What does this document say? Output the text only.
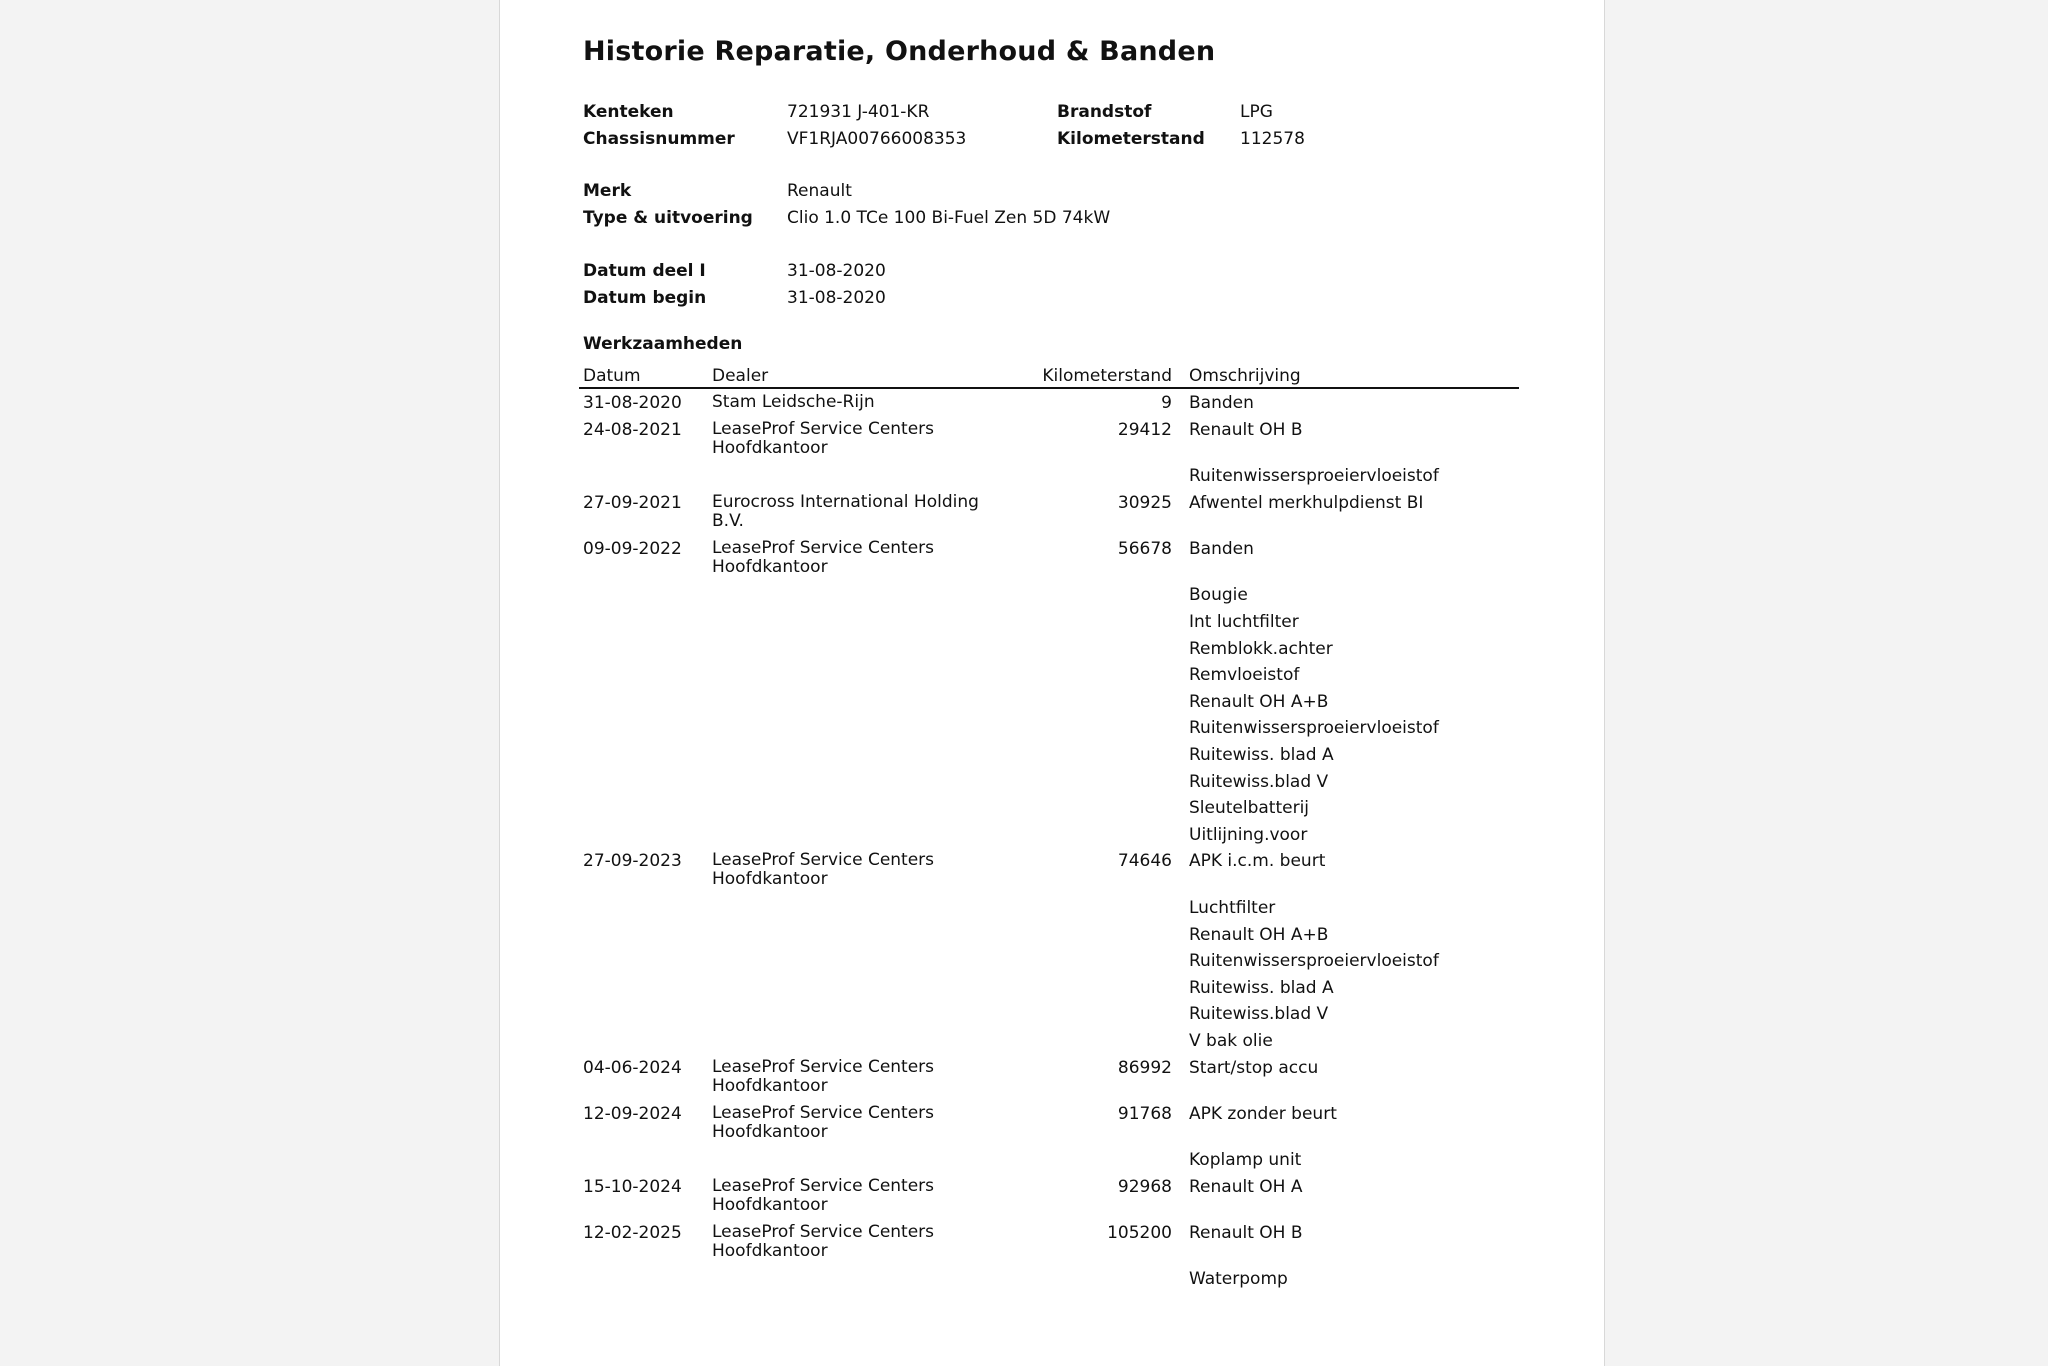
Historie Reparatie, Onderhoud & Banden
Kenteken	721931 J-401-KR	Brandstof	LPG
Chassisnummer	VF1RJA00766008353	Kilometerstand 112578
Merk	Renault
Type & uitvoering Clio 1.0 TCe 100 Bi-Fuel Zen 5D 74kW
Datum deel I	31-08-2020
Datum begin	31-08-2020
Werkzaamheden
Datum	Dealer	Kilometerstand Omschrijving
31-08-2020 Stam Leidsche-Rijn	9 Banden
24-08-2021 LeaseProf Service Centers
Hoofdkantoor
29412 Renault OH B
Ruitenwissersproeiervloeistof
27-09-2021 Eurocross International Holding
B.V.
30925 Afwentel merkhulpdienst BI
09-09-2022 LeaseProf Service Centers
Hoofdkantoor
56678 Banden
Bougie
Int luchtfilter
Remblokk.achter
Remvloeistof
Renault OH A+B
Ruitenwissersproeiervloeistof
Ruitewiss. blad A
Ruitewiss.blad V
Sleutelbatterij
Uitlijning.voor
27-09-2023 LeaseProf Service Centers
Hoofdkantoor
74646 APK i.c.m. beurt
Luchtfilter
Renault OH A+B
Ruitenwissersproeiervloeistof
Ruitewiss. blad A
Ruitewiss.blad V
V bak olie
04-06-2024 LeaseProf Service Centers
Hoofdkantoor
86992 Start/stop accu
12-09-2024 LeaseProf Service Centers
Hoofdkantoor
91768 APK zonder beurt
Koplamp unit
15-10-2024 LeaseProf Service Centers
Hoofdkantoor
92968 Renault OH A
12-02-2025 LeaseProf Service Centers
Hoofdkantoor
105200 Renault OH B
Waterpomp
